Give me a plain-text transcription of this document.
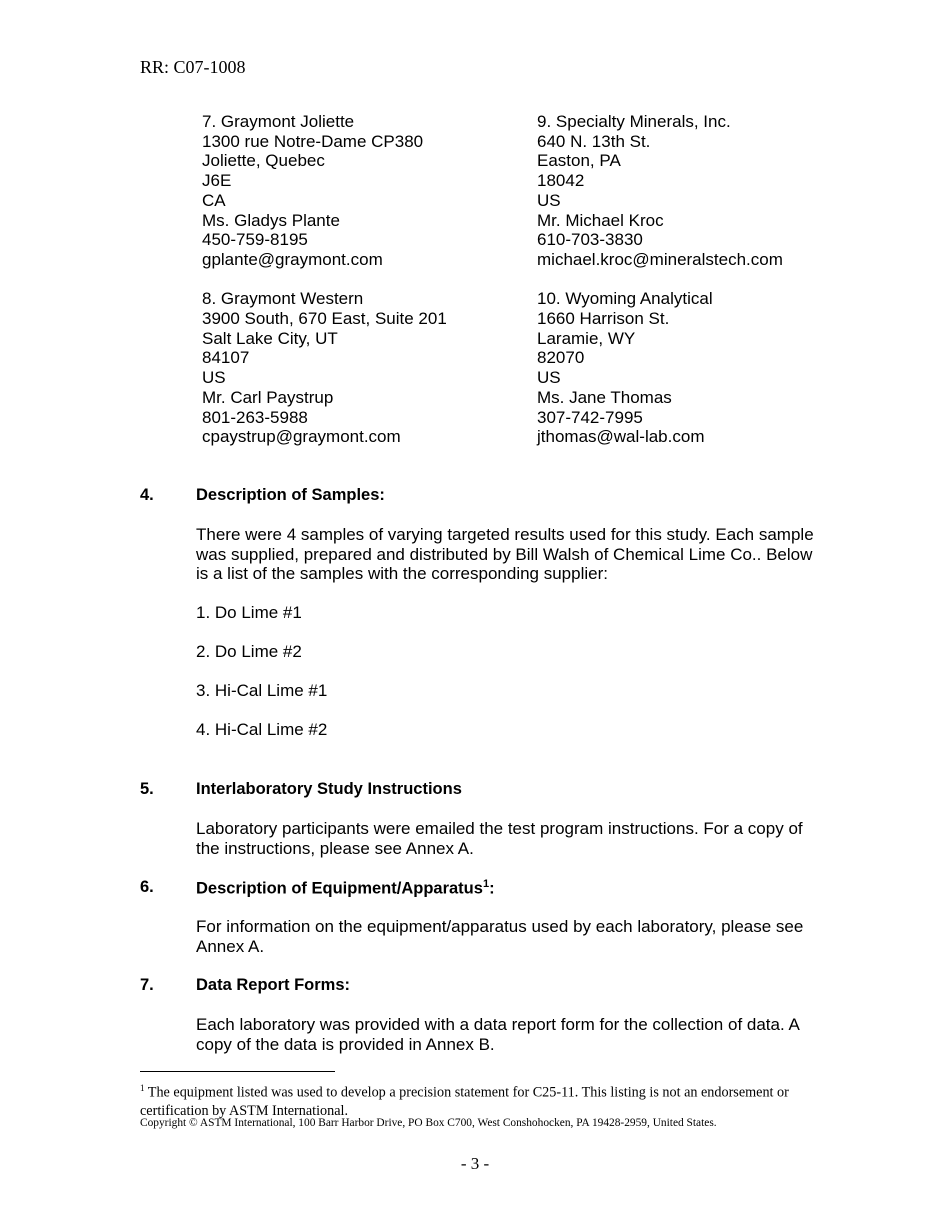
RR: C07-1008
7. Graymont Joliette
1300 rue Notre-Dame CP380
Joliette, Quebec
J6E
CA
Ms. Gladys Plante
450-759-8195
gplante@graymont.com
8. Graymont Western
3900 South, 670 East, Suite 201
Salt Lake City, UT
84107
US
Mr. Carl Paystrup
801-263-5988
cpaystrup@graymont.com
9. Specialty Minerals, Inc.
640 N. 13th St.
Easton, PA
18042
US
Mr. Michael Kroc
610-703-3830
michael.kroc@mineralstech.com
10. Wyoming Analytical
1660 Harrison St.
Laramie, WY
82070
US
Ms. Jane Thomas
307-742-7995
jthomas@wal-lab.com
4.	Description of Samples:
There were 4 samples of varying targeted results used for this study. Each sample was supplied, prepared and distributed by Bill Walsh of Chemical Lime Co.. Below is a list of the samples with the corresponding supplier:
1. Do Lime #1
2. Do Lime #2
3. Hi-Cal Lime #1
4. Hi-Cal Lime #2
5.	Interlaboratory Study Instructions
Laboratory participants were emailed the test program instructions. For a copy of the instructions, please see Annex A.
6.	Description of Equipment/Apparatus$^1$:
For information on the equipment/apparatus used by each laboratory, please see Annex A.
7.	Data Report Forms:
Each laboratory was provided with a data report form for the collection of data. A copy of the data is provided in Annex B.
$^1$ The equipment listed was used to develop a precision statement for C25-11. This listing is not an endorsement or certification by ASTM International.
Copyright © ASTM International, 100 Barr Harbor Drive, PO Box C700, West Conshohocken, PA 19428-2959, United States.
- 3 -
